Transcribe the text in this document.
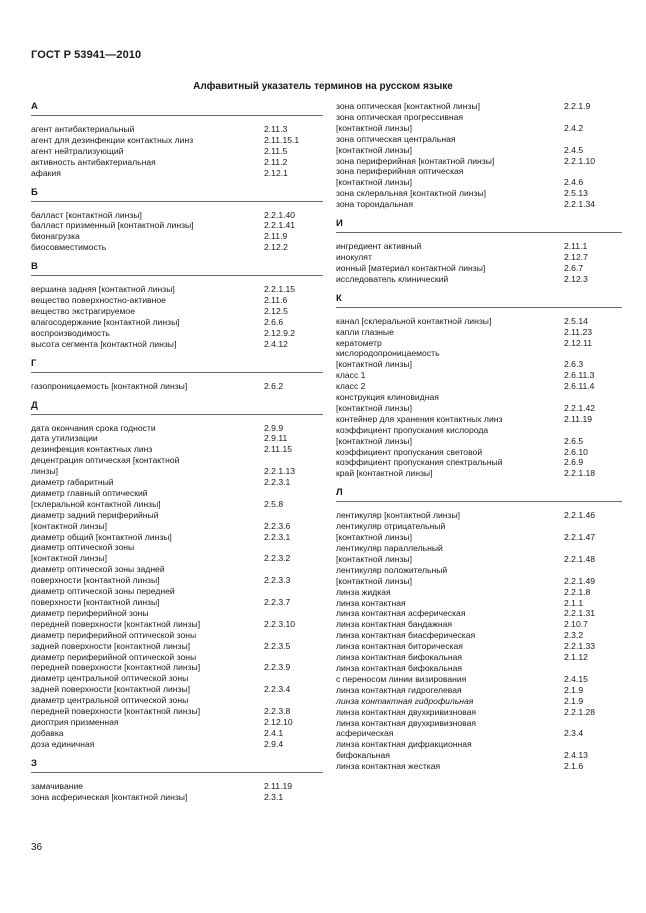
ГОСТ Р 53941—2010
Алфавитный указатель терминов на русском языке
А
агент антибактериальный	2.11.3
агент для дезинфекции контактных линз	2.11.15.1
агент нейтрализующий	2.11.5
активность антибактериальная	2.11.2
афакия	2.12.1
Б
балласт [контактной линзы]	2.2.1.40
балласт призменный [контактной линзы]	2.2.1.41
бионагрузка	2.11.9
биосовместимость	2.12.2
В
вершина задняя [контактной линзы]	2.2.1.15
вещество поверхностно-активное	2.11.6
вещество экстрагируемое	2.12.5
влагосодержание [контактной линзы]	2.6.6
воспроизводимость	2.12.9.2
высота сегмента [контактной линзы]	2.4.12
Г
газопроницаемость [контактной линзы]	2.6.2
Д
дата окончания срока годности	2.9.9
дата утилизации	2.9.11
дезинфекция контактных линз	2.11.15
децентрация оптическая [контактной
линзы]	2.2.1.13
диаметр габаритный	2.2.3.1
диаметр главный оптический
[склеральной контактной линзы]	2.5.8
диаметр задний периферийный
[контактной линзы]	2.2.3.6
диаметр общий [контактной линзы]	2.2.3.1
диаметр оптической зоны
[контактной линзы]	2.2.3.2
диаметр оптической зоны задней
поверхности [контактной линзы]	2.2.3.3
диаметр оптической зоны передней
поверхности [контактной линзы]	2.2.3.7
диаметр периферийной зоны
передней поверхности [контактной линзы]	2.2.3.10
диаметр периферийной оптической зоны
задней поверхности [контактной линзы]	2.2.3.5
диаметр периферийной оптической зоны
передней поверхности [контактной линзы]	2.2.3.9
диаметр центральной оптической зоны
задней поверхности [контактной линзы]	2.2.3.4
диаметр центральной оптической зоны
передней поверхности [контактной линзы]	2.2.3.8
диоптрия призменная	2.12.10
добавка	2.4.1
доза единичная	2.9.4
З
замачивание	2.11.19
зона асферическая [контактной линзы]	2.3.1
зона оптическая [контактной линзы]	2.2.1.9
зона оптическая прогрессивная
[контактной линзы]	2.4.2
зона оптическая центральная
[контактной линзы]	2.4.5
зона периферийная [контактной линзы]	2.2.1.10
зона периферийная оптическая
[контактной линзы]	2.4.6
зона склеральная [контактной линзы]	2.5.13
зона тороидальная	2.2.1.34
И
ингредиент активный	2.11.1
инокулят	2.12.7
ионный [материал контактной линзы]	2.6.7
исследователь клинический	2.12.3
К
канал [склеральной контактной линзы]	2.5.14
капли глазные	2.11.23
кератометр	2.12.11
кислородопроницаемость
[контактной линзы]	2.6.3
класс 1	2.6.11.3
класс 2	2.6.11.4
конструкция клиновидная
[контактной линзы]	2.2.1.42
контейнер для хранения контактных линз	2.11.19
коэффициент пропускания кислорода
[контактной линзы]	2.6.5
коэффициент пропускания световой	2.6.10
коэффициент пропускания спектральный	2.6.9
край [контактной линзы]	2.2.1.18
Л
лентикуляр [контактной линзы]	2.2.1.46
лентикуляр отрицательный
[контактной линзы]	2.2.1.47
лентикуляр параллельный
[контактной линзы]	2.2.1.48
лентикуляр положительный
[контактной линзы]	2.2.1.49
линза жидкая	2.2.1.8
линза контактная	2.1.1
линза контактная асферическая	2.2.1.31
линза контактная бандажная	2.10.7
линза контактная биасферическая	2.3.2
линза контактная биторическая	2.2.1.33
линза контактная бифокальная	2.1.12
линза контактная бифокальная
с переносом линии визирования	2.4.15
линза контактная гидрогелевая	2.1.9
линза контактная гидрофильная	2.1.9
линза контактная двухкривизновая	2.2.1.28
линза контактная двухкривизновая
асферическая	2.3.4
линза контактная дифракционная
бифокальная	2.4.13
линза контактная жесткая	2.1.6
36
